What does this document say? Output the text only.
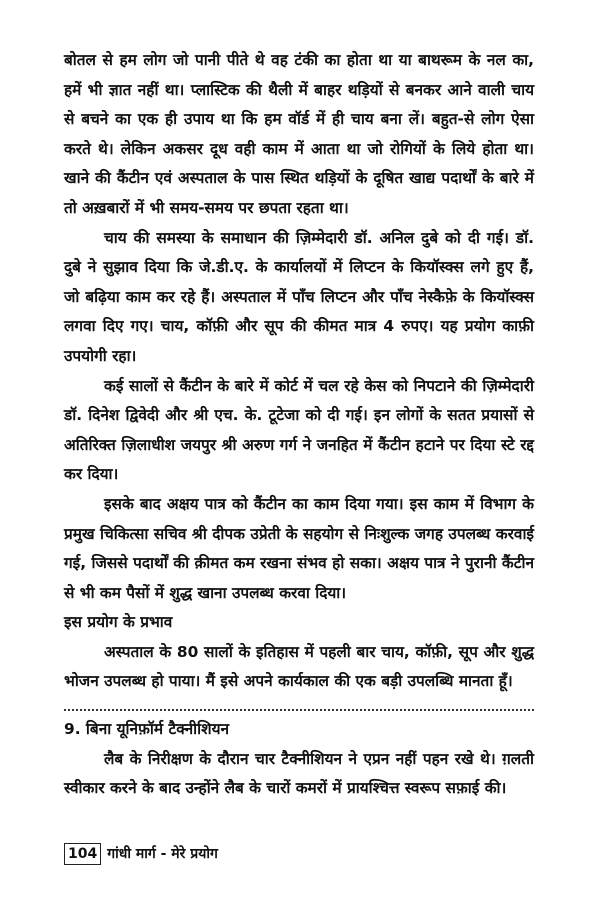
बोतल से हम लोग जो पानी पीते थे वह टंकी का होता था या बाथरूम के नल का, हमें भी ज्ञात नहीं था। प्लास्टिक की थैली में बाहर थड़ियों से बनकर आने वाली चाय से बचने का एक ही उपाय था कि हम वॉर्ड में ही चाय बना लें। बहुत-से लोग ऐसा करते थे। लेकिन अकसर दूध वही काम में आता था जो रोगियों के लिये होता था। खाने की कैंटीन एवं अस्पताल के पास स्थित थड़ियों के दूषित खाद्य पदार्थों के बारे में तो अख़बारों में भी समय-समय पर छपता रहता था।

चाय की समस्या के समाधान की ज़िम्मेदारी डॉ. अनिल दुबे को दी गई। डॉ. दुबे ने सुझाव दिया कि जे.डी.ए. के कार्यालयों में लिप्टन के कियॉस्क्स लगे हुए हैं, जो बढ़िया काम कर रहे हैं। अस्पताल में पाँच लिप्टन और पाँच नेस्कैफ़े के कियॉस्क्स लगवा दिए गए। चाय, कॉफ़ी और सूप की कीमत मात्र 4 रुपए। यह प्रयोग काफ़ी उपयोगी रहा।

कई सालों से कैंटीन के बारे में कोर्ट में चल रहे केस को निपटाने की ज़िम्मेदारी डॉ. दिनेश द्विवेदी और श्री एच. के. टूटेजा को दी गई। इन लोगों के सतत प्रयासों से अतिरिक्त ज़िलाधीश जयपुर श्री अरुण गर्ग ने जनहित में कैंटीन हटाने पर दिया स्टे रद्द कर दिया।

इसके बाद अक्षय पात्र को कैंटीन का काम दिया गया। इस काम में विभाग के प्रमुख चिकित्सा सचिव श्री दीपक उप्रेती के सहयोग से निःशुल्क जगह उपलब्ध करवाई गई, जिससे पदार्थों की क़ीमत कम रखना संभव हो सका। अक्षय पात्र ने पुरानी कैंटीन से भी कम पैसों में शुद्ध खाना उपलब्ध करवा दिया।

इस प्रयोग के प्रभाव

अस्पताल के 80 सालों के इतिहास में पहली बार चाय, कॉफ़ी, सूप और शुद्ध भोजन उपलब्ध हो पाया। मैं इसे अपने कार्यकाल की एक बड़ी उपलब्धि मानता हूँ।

9. बिना यूनिफ़ॉर्म टैक्नीशियन

लैब के निरीक्षण के दौरान चार टैक्नीशियन ने एप्रन नहीं पहन रखे थे। ग़लती स्वीकार करने के बाद उन्होंने लैब के चारों कमरों में प्रायश्चित्त स्वरूप सफ़ाई की।

104 गांधी मार्ग - मेरे प्रयोग
